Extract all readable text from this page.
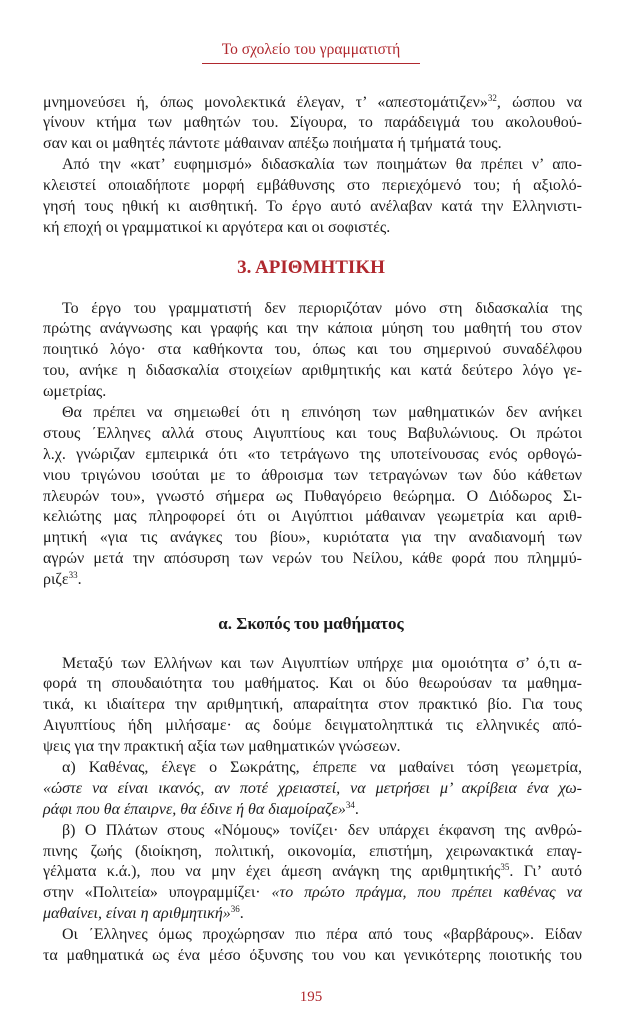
Το σχολείο του γραμματιστή
μνημονεύσει ή, όπως μονολεκτικά έλεγαν, τ’ «απεστομάτιζεν»$^{32}$, ώσπου να
γίνουν κτήμα των μαθητών του. Σίγουρα, το παράδειγμά του ακολουθού-
σαν και οι μαθητές πάντοτε μάθαιναν απέξω ποιήματα ή τμήματά τους.
Από την «κατ’ ευφημισμό» διδασκαλία των ποιημάτων θα πρέπει ν’ απο-
κλειστεί οποιαδήποτε μορφή εμβάθυνσης στο περιεχόμενό του; ή αξιολό-
γησή τους ηθική κι αισθητική. Το έργο αυτό ανέλαβαν κατά την Ελληνιστι-
κή εποχή οι γραμματικοί κι αργότερα και οι σοφιστές.
3. ΑΡΙΘΜΗΤΙΚΗ
Το έργο του γραμματιστή δεν περιοριζόταν μόνο στη διδασκαλία της
πρώτης ανάγνωσης και γραφής και την κάποια μύηση του μαθητή του στον
ποιητικό λόγο· στα καθήκοντα του, όπως και του σημερινού συναδέλφου
του, ανήκε η διδασκαλία στοιχείων αριθμητικής και κατά δεύτερο λόγο γε-
ωμετρίας.
Θα πρέπει να σημειωθεί ότι η επινόηση των μαθηματικών δεν ανήκει
στους ΄Ελληνες αλλά στους Αιγυπτίους και τους Βαβυλώνιους. Οι πρώτοι
λ.χ. γνώριζαν εμπειρικά ότι «το τετράγωνο της υποτείνουσας ενός ορθογώ-
νιου τριγώνου ισούται με το άθροισμα των τετραγώνων των δύο κάθετων
πλευρών του», γνωστό σήμερα ως Πυθαγόρειο θεώρημα. Ο Διόδωρος Σι-
κελιώτης μας πληροφορεί ότι οι Αιγύπτιοι μάθαιναν γεωμετρία και αριθ-
μητική «για τις ανάγκες του βίου», κυριότατα για την αναδιανομή των
αγρών μετά την απόσυρση των νερών του Νείλου, κάθε φορά που πλημμύ-
ριζε$^{33}$.
α. Σκοπός του μαθήματος
Μεταξύ των Ελλήνων και των Αιγυπτίων υπήρχε μια ομοιότητα σ’ ό,τι α-
φορά τη σπουδαιότητα του μαθήματος. Και οι δύο θεωρούσαν τα μαθημα-
τικά, κι ιδιαίτερα την αριθμητική, απαραίτητα στον πρακτικό βίο. Για τους
Αιγυπτίους ήδη μιλήσαμε· ας δούμε δειγματοληπτικά τις ελληνικές από-
ψεις για την πρακτική αξία των μαθηματικών γνώσεων.
α) Καθένας, έλεγε ο Σωκράτης, έπρεπε να μαθαίνει τόση γεωμετρία,
«ώστε να είναι ικανός, αν ποτέ χρειαστεί, να μετρήσει μ’ ακρίβεια ένα χω-
ράφι που θα έπαιρνε, θα έδινε ή θα διαμοίραζε»$^{34}$.
β) Ο Πλάτων στους «Νόμους» τονίζει· δεν υπάρχει έκφανση της ανθρώ-
πινης ζωής (διοίκηση, πολιτική, οικονομία, επιστήμη, χειρωνακτικά επαγ-
γέλματα κ.ά.), που να μην έχει άμεση ανάγκη της αριθμητικής$^{35}$. Γι’ αυτό
στην «Πολιτεία» υπογραμμίζει· «το πρώτο πράγμα, που πρέπει καθένας να
μαθαίνει, είναι η αριθμητική»$^{36}$.
Οι ΄Ελληνες όμως προχώρησαν πιο πέρα από τους «βαρβάρους». Είδαν
τα μαθηματικά ως ένα μέσο όξυνσης του νου και γενικότερης ποιοτικής του
195
